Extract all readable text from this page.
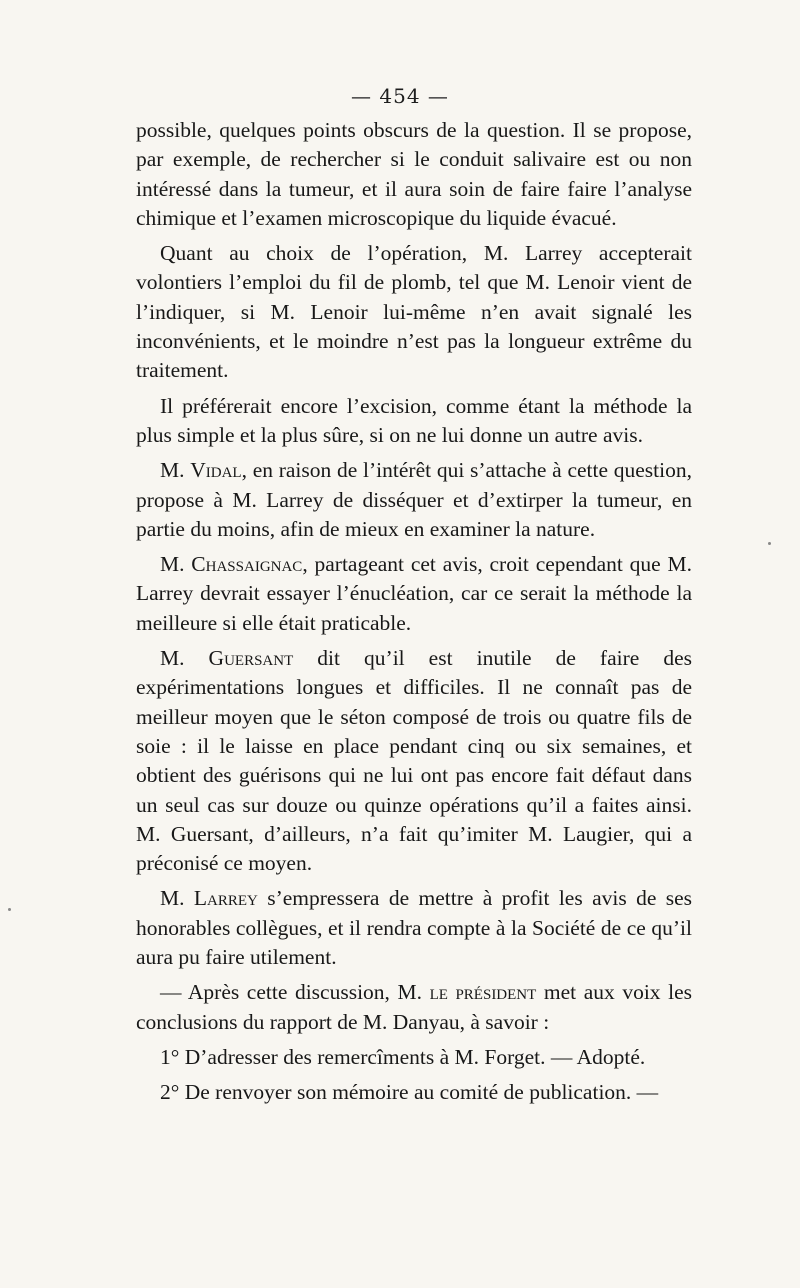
— 454 —

possible, quelques points obscurs de la question. Il se propose, par exemple, de rechercher si le conduit salivaire est ou non intéressé dans la tumeur, et il aura soin de faire faire l’analyse chimique et l’examen microscopique du liquide évacué.

Quant au choix de l’opération, M. Larrey accepterait volontiers l’emploi du fil de plomb, tel que M. Lenoir vient de l’indiquer, si M. Lenoir lui-même n’en avait signalé les inconvénients, et le moindre n’est pas la longueur extrême du traitement.

Il préférerait encore l’excision, comme étant la méthode la plus simple et la plus sûre, si on ne lui donne un autre avis.

M. Vidal, en raison de l’intérêt qui s’attache à cette question, propose à M. Larrey de disséquer et d’extirper la tumeur, en partie du moins, afin de mieux en examiner la nature.

M. Chassaignac, partageant cet avis, croit cependant que M. Larrey devrait essayer l’énucléation, car ce serait la méthode la meilleure si elle était praticable.

M. Guersant dit qu’il est inutile de faire des expérimentations longues et difficiles. Il ne connaît pas de meilleur moyen que le séton composé de trois ou quatre fils de soie : il le laisse en place pendant cinq ou six semaines, et obtient des guérisons qui ne lui ont pas encore fait défaut dans un seul cas sur douze ou quinze opérations qu’il a faites ainsi. M. Guersant, d’ailleurs, n’a fait qu’imiter M. Laugier, qui a préconisé ce moyen.

M. Larrey s’empressera de mettre à profit les avis de ses honorables collègues, et il rendra compte à la Société de ce qu’il aura pu faire utilement.

— Après cette discussion, M. le président met aux voix les conclusions du rapport de M. Danyau, à savoir :

1° D’adresser des remercîments à M. Forget. — Adopté.

2° De renvoyer son mémoire au comité de publication. —
